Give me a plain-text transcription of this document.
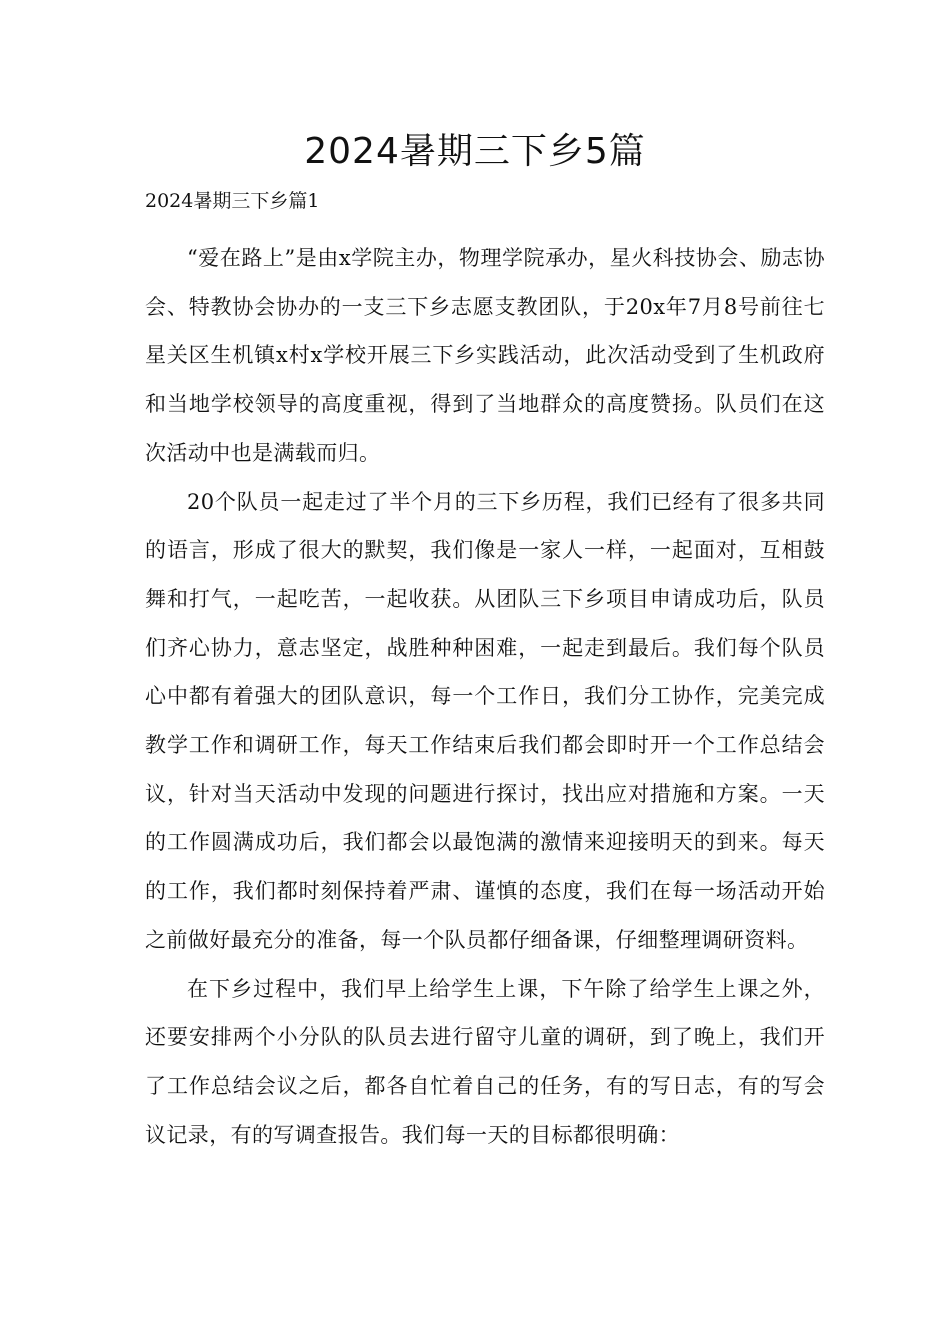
2024暑期三下乡5篇
2024暑期三下乡篇1

“爱在路上”是由x学院主办，物理学院承办，星火科技协会、励志协会、特教协会协办的一支三下乡志愿支教团队，于20x年7月8号前往七星关区生机镇x村x学校开展三下乡实践活动，此次活动受到了生机政府和当地学校领导的高度重视，得到了当地群众的高度赞扬。队员们在这次活动中也是满载而归。

20个队员一起走过了半个月的三下乡历程，我们已经有了很多共同的语言，形成了很大的默契，我们像是一家人一样，一起面对，互相鼓舞和打气，一起吃苦，一起收获。从团队三下乡项目申请成功后，队员们齐心协力，意志坚定，战胜种种困难，一起走到最后。我们每个队员心中都有着强大的团队意识，每一个工作日，我们分工协作，完美完成教学工作和调研工作，每天工作结束后我们都会即时开一个工作总结会议，针对当天活动中发现的问题进行探讨，找出应对措施和方案。一天的工作圆满成功后，我们都会以最饱满的激情来迎接明天的到来。每天的工作，我们都时刻保持着严肃、谨慎的态度，我们在每一场活动开始之前做好最充分的准备，每一个队员都仔细备课，仔细整理调研资料。

在下乡过程中，我们早上给学生上课，下午除了给学生上课之外，还要安排两个小分队的队员去进行留守儿童的调研，到了晚上，我们开了工作总结会议之后，都各自忙着自己的任务，有的写日志，有的写会议记录，有的写调查报告。我们每一天的目标都很明确：
